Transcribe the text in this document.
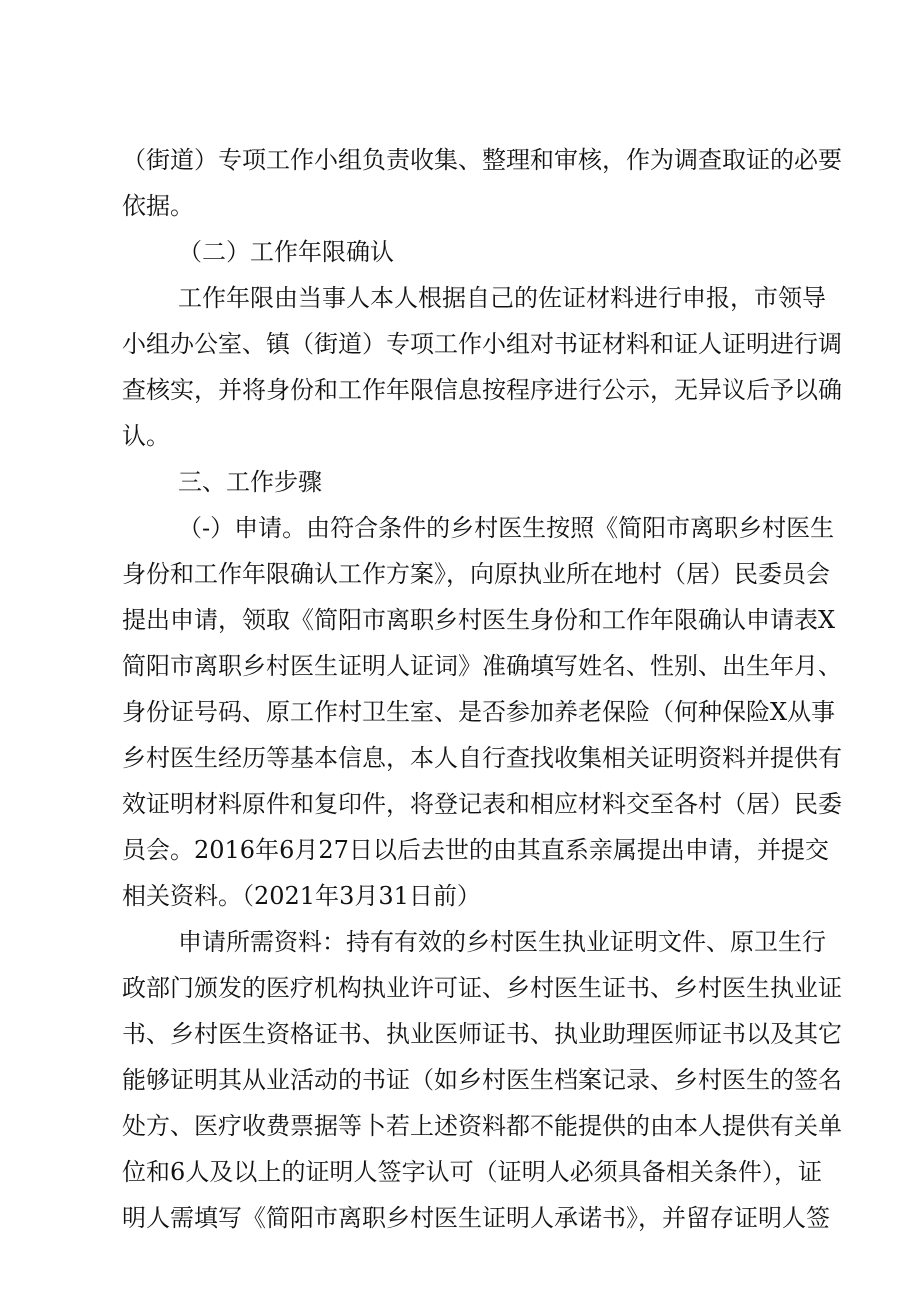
（街道）专项工作小组负责收集、整理和审核，作为调查取证的必要
依据。
（二）工作年限确认
工作年限由当事人本人根据自己的佐证材料进行申报，市领导
小组办公室、镇（街道）专项工作小组对书证材料和证人证明进行调
查核实，并将身份和工作年限信息按程序进行公示，无异议后予以确
认。
三、工作步骤
（-）申请。由符合条件的乡村医生按照《简阳市离职乡村医生
身份和工作年限确认工作方案》，向原执业所在地村（居）民委员会
提出申请，领取《简阳市离职乡村医生身份和工作年限确认申请表X
简阳市离职乡村医生证明人证词》准确填写姓名、性别、出生年月、
身份证号码、原工作村卫生室、是否参加养老保险（何种保险X从事
乡村医生经历等基本信息，本人自行查找收集相关证明资料并提供有
效证明材料原件和复印件，将登记表和相应材料交至各村（居）民委
员会。2016年6月27日以后去世的由其直系亲属提出申请，并提交
相关资料。（2021年3月31日前）
申请所需资料：持有有效的乡村医生执业证明文件、原卫生行
政部门颁发的医疗机构执业许可证、乡村医生证书、乡村医生执业证
书、乡村医生资格证书、执业医师证书、执业助理医师证书以及其它
能够证明其从业活动的书证（如乡村医生档案记录、乡村医生的签名
处方、医疗收费票据等卜若上述资料都不能提供的由本人提供有关单
位和6人及以上的证明人签字认可（证明人必须具备相关条件），证
明人需填写《简阳市离职乡村医生证明人承诺书》，并留存证明人签
